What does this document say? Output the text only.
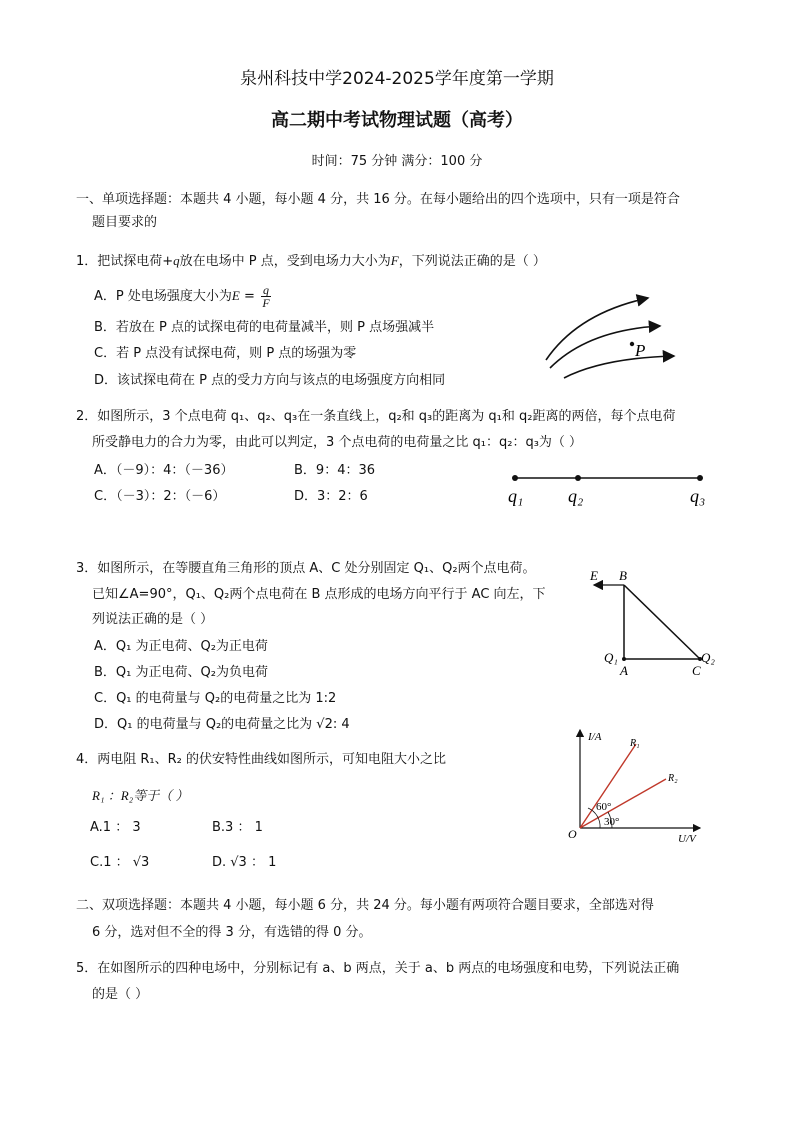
泉州科技中学2024-2025学年度第一学期
高二期中考试物理试题（高考）
时间：75 分钟 满分：100 分
一、单项选择题：本题共 4 小题，每小题 4 分，共 16 分。在每小题给出的四个选项中，只有一项是符合
题目要求的
1．把试探电荷+q放在电场中 P 点，受到电场力大小为F，下列说法正确的是（ ）
A．P 处电场强度大小为$E = \frac{q}{F}$
B．若放在 P 点的试探电荷的电荷量减半，则 P 点场强减半
C．若 P 点没有试探电荷，则 P 点的场强为零
D．该试探电荷在 P 点的受力方向与该点的电场强度方向相同
P
2．如图所示，3 个点电荷 q₁、q₂、q₃在一条直线上，q₂和 q₃的距离为 q₁和 q₂距离的两倍，每个点电荷
所受静电力的合力为零，由此可以判定，3 个点电荷的电荷量之比 q₁：q₂：q₃为（ ）
A．（－9）：4：（－36）	B．9：4：36
C．（－3）：2：（－6）	D．3：2：6	q₁ q₂	q₃
3．如图所示，在等腰直角三角形的顶点 A、C 处分别固定 Q₁、Q₂两个点电荷。
已知∠A=90°，Q₁、Q₂两个点电荷在 B 点形成的电场方向平行于 AC 向左，下
列说法正确的是（ ）
A．Q₁ 为正电荷、Q₂为正电荷
B．Q₁ 为正电荷、Q₂为负电荷
C．Q₁ 的电荷量与 Q₂的电荷量之比为 1:2
D．Q₁ 的电荷量与 Q₂的电荷量之比为 √2: 4
E B
Q₁
A	C
Q₂
4．两电阻 R₁、R₂ 的伏安特性曲线如图所示，可知电阻大小之比
R₁ ：R₂等于（ ）
A.1 ： 3	B.3 ： 1
C.1 ： √3	D. √3 ： 1
I/A
U/V
O
R₁
R₂
60°
30°
二、双项选择题：本题共 4 小题，每小题 6 分，共 24 分。每小题有两项符合题目要求，全部选对得
6 分，选对但不全的得 3 分，有选错的得 0 分。
5．在如图所示的四种电场中，分别标记有 a、b 两点，关于 a、b 两点的电场强度和电势，下列说法正确
的是（ ）
